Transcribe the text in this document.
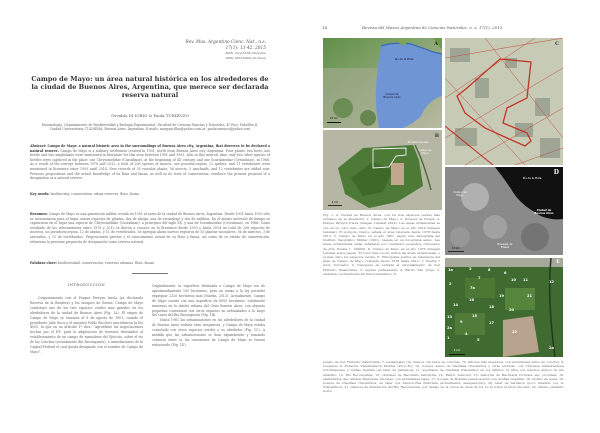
Rev. Mus. Argentino Cienc. Nat., n.s.
17(1): 13-42, 2015
ISSN 1514-5158 (impresa)
ISSN 1853-0400 (en línea)
Campo de Mayo: un área natural histórica en los alrededores de la ciudad de Buenos Aires, Argentina, que merece ser declarada reserva natural
Osvaldo DI IORIO & Paola TURIENZO
Entomología. Departamento de Biodiversidad y Biología Experimental. Facultad de Ciencias Exactas y Naturales. 4º Piso, Pabellón II, Ciudad Universitaria C1428EHA, Buenos Aires, Argentina. E-mails: margaycillus@yahoo.com.ar; paolaturienzo@yahoo.com
Abstract: Campo de Mayo: a natural historic area in the surroundings of Buenos Aires city, Argentina, that deserves to be declared a natural reserve. Campo de Mayo is a military settlement created in 1901, north from Buenos Aires city, Argentina. Four plants, two bees, one beetle and two amphibians were mentioned in literature for this area between 1901 and 1993. Also in this interval time, only two other species of beetles were captured in the place: one Chrysomelidae (Cassidinae), at the beginning of XX century, and one Scarabaeidae (Cetoniinae), in 1966. As a result of the surveys between 1978 and 2012, a total of 208 species of insects, one pseudoscorpion, 12 spiders, and 11 vertebrates were mentioned in literature since 1993 until 2014. New records of 55 vascular plants, 56 insects, 3 arachnids, and 12 vertebrates are added now. Previous propositions and the actual knowledge of its flora and fauna, as well as its state of conservation, reinforce the present proposal of a designation as a natural reserve.
Key words: biodiversity, conservation, urban reserves, flora, fauna.
Resumen: Campo de Mayo es una guarnición militar creada en 1901 al norte de la ciudad de Buenos Aires, Argentina. Desde 1901 hasta 1993 sólo se mencionaron para el lugar cuatro especies de plantas, dos de abejas, una de escarabajo y dos de anfibios. En el mismo intervalo de tiempo se capturaron en el lugar una especie de Chrysomelidae (Cassidinae), a principios del siglo XX, y una de Scarabaeidae (Cetoniinae), en 1966. Como resultado de los relevamientos entre 1978 y 2012 se dieron a conocer en la literatura desde 1993 y hasta 2014 un total de 208 especies de insectos, un pseudoescorpion, 12 de arañas, y 11 de vertebrados. Se agregan ahora nuevos registros de 55 plantas vasculares, 56 de insectos, 3 de arácnidos, y 12 de vertebrados. Proposiciones previas y el conocimiento actual de su flora y fauna, así como de su estado de conservación, refuerzan la presente propuesta de designación como reserva natural.
Palabras clave: biodiversidad, conservación, reservas urbanas, flora, fauna.
INTRODUCCIÓN

Conjuntamente con el Parque Pereyra Iraola (ya declarado Reserva de la Biósfera) y los bosques de Ezeiza, Campo de Mayo constituye uno de los tres espacios verdes más grandes en los alrededores de la ciudad de Buenos Aires (Fig. 1A). El origen de Campo de Mayo se remonta al 8 de agosto de 1901, cuando el presidente Julio Roca y el ministro Pablo Riccheri suscribieron la ley 4005, la que en su artículo 1º dice: "Agruébese las negociaciones hechas por el P.E. para la adquisición de terrenos destinados al establecimiento de un campo de maniobras del Ejército, sobre el río de las Conchas (actualmente Río Reconquista), a inmediaciones de la Capital Federal el cual queda designado con el nombre de Campo de Mayo".

Originalmente, la superficie destinada a Campo de Mayo era de aproximadamente 100 hectáreas, pero un anexo a la ley permitió expropiar 2326 hectáreas más (Martín, 2013). Actualmente, Campo de Mayo cuenta con una superficie de 8000 hectáreas, totalmente inmersas en la matriz urbana del Gran Buenos Aires, con algunas pequeñas conexiones con otros espacios no urbanizados a lo largo del curso del Río Reconquista (Fig. 1B).

Hasta 1961 las urbanizaciones en los alrededores de la ciudad de Buenos Aires todavía eran incipientes, y Campo de Mayo estaba conectado con otros espacios verdes a su alrededor (Fig. 1C). A medida que las urbanizaciones se iban expandiendo y tomando contacto entre sí, las conexiones de Campo de Mayo se fueron reduciendo (Fig. 1D).

14	Revista del Museo Argentino de Ciencias Naturales, n. s. 17(1), 2015
A
Río de la Plata
Ciudad de Buenos Aires
25 km
C
B
Río Reconquista
Campo de Mayo
4 km
D
Río de la Plata
Campo de Mayo
Ciudad de Buenos Aires
Bosques de Ezeiza
10 km
E
3
1a
2
7a
8
6
10 11	12
7
21
19
16
14	18
20
13
9
15
17
22
4
5
2a
1
2a
2 km
Fig. 1. A. Ciudad de Buenos Aires, con los tres espacios verdes más extensos en su alrededor: 1, Campo de Mayo; 2, bosques de Ezeiza; 3, Parque Pereyra Iraola (imagen Landsat 2014). Las áreas urbanizadas se ven en un color más claro. B. Campo de Mayo en el año 2014 (imagen Landsat). El polígono blanco señala el área relevada desde 1978 hasta 2012. C. Campo de Mayo en el año 1961, según una cartografía del Instituto Geográfico Militar (1961), basada en un fotograma aéreo. Las áreas urbanizadas están señaladas por cuadrados pequeños coloreados de gris. Escala 1: 100000. D. Campo de Mayo en el año 1976 (imagen Landsat sobre papel). El color más oscuro indica las áreas urbanizadas, y el más claro los espacios verdes. E. Principales puntos de referencia del área de Campo de Mayo relevada desde 1978 hasta 2012: 1, Puerta 7 (Don Torcuato); 2, tranquera de entrada al arrendamiento de don Filiberto Insaurralde; 3, laguna permanente; 4, Barrio San Jorge; 5, matadero (actualmente sin funcionamiento); 6,
puesto de don Filiberto Insaurralde; 7, eucaliptales (7a, densos, sin nidos de cotorras; 7b, árboles más dispersos, con abundantes nidos de cotorra); 8, tosquera; 9, Estación Visualizadora Montes (P.C.G.B.); 10, bosque denso de Gleditsia triacanthos y otras exóticas, con Chloraea membranacea (Orchidaceae) y orallas Nephila (en talar de barranca); 11, expansión de Gleditsia triacanthos en los últimos 15 años con algunos grupos de iris amarillo; 12, Río Reconquista; 13, chilcales de Baccharis salicifolia; 14, Barrio Aviación; 15, matorral de Baccharis forficata ssp. procinea; 16, alambrados que dividen diferentes parcelas, con abundantes talas; 17, bosque de Robinia pseudoacacia (con arañas Nephila); 18, molino de agua; 19, bosque de Gleditsia triacanthos, en talar con Aristolochia fimbriata (actualmente desaparecido); 20, talar de barranca (poco invadido por G. triacanthos); 21, planicie de inundación del Río Reconquista, por debajo de la curva de nivel de los 10 m sobre el nivel del mar; 22, relleno sanitario norte.
